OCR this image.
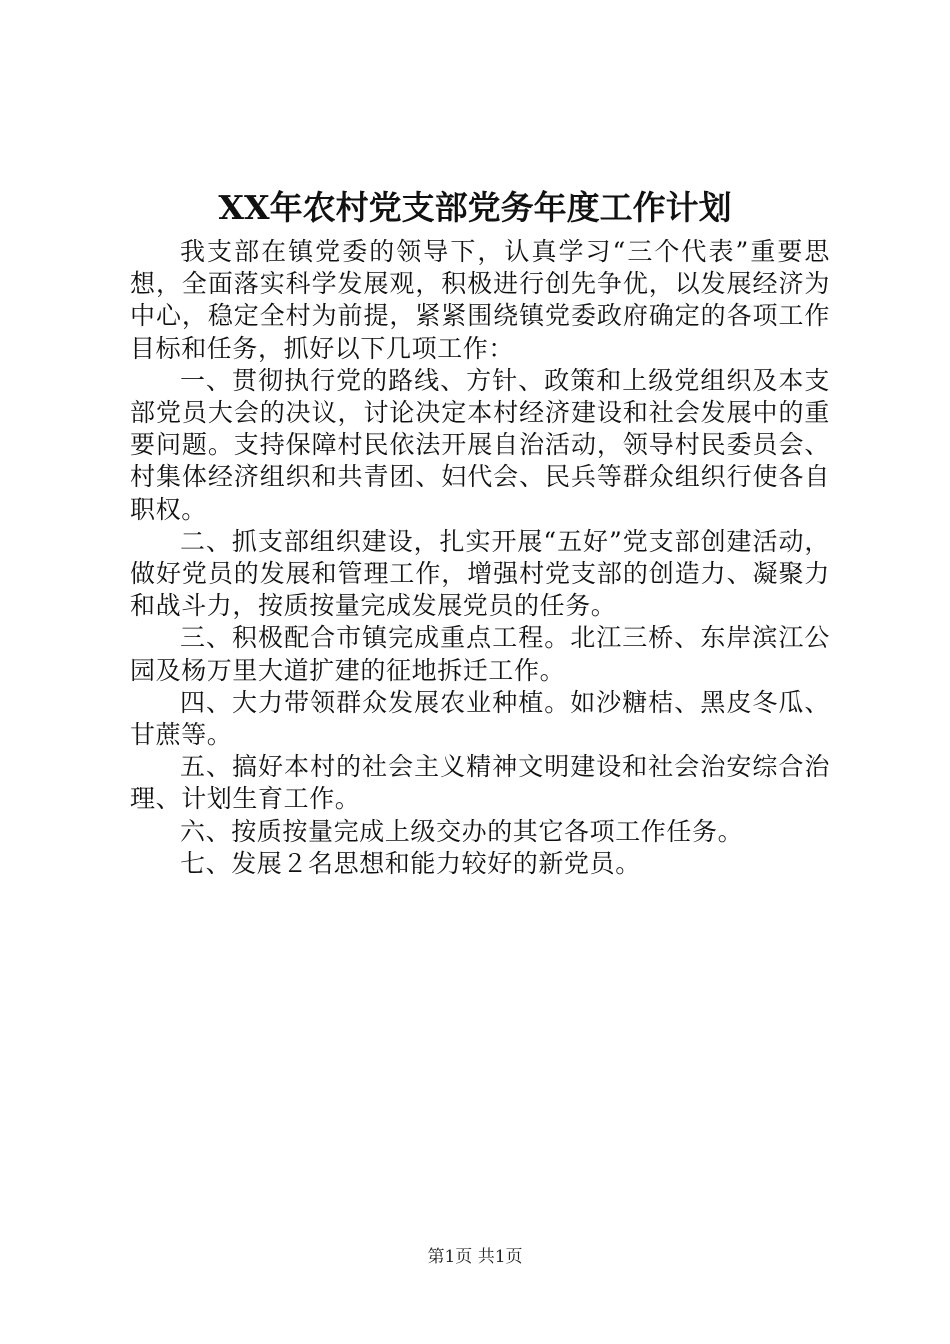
XX年农村党支部党务年度工作计划

我支部在镇党委的领导下，认真学习“三个代表”重要思想，全面落实科学发展观，积极进行创先争优，以发展经济为中心，稳定全村为前提，紧紧围绕镇党委政府确定的各项工作目标和任务，抓好以下几项工作：

一、贯彻执行党的路线、方针、政策和上级党组织及本支部党员大会的决议，讨论决定本村经济建设和社会发展中的重要问题。支持保障村民依法开展自治活动，领导村民委员会、村集体经济组织和共青团、妇代会、民兵等群众组织行使各自职权。

二、抓支部组织建设，扎实开展“五好”党支部创建活动，做好党员的发展和管理工作，增强村党支部的创造力、凝聚力和战斗力，按质按量完成发展党员的任务。

三、积极配合市镇完成重点工程。北江三桥、东岸滨江公园及杨万里大道扩建的征地拆迁工作。

四、大力带领群众发展农业种植。如沙糖桔、黑皮冬瓜、甘蔗等。

五、搞好本村的社会主义精神文明建设和社会治安综合治理、计划生育工作。

六、按质按量完成上级交办的其它各项工作任务。

七、发展２名思想和能力较好的新党员。

第1页 共1页
